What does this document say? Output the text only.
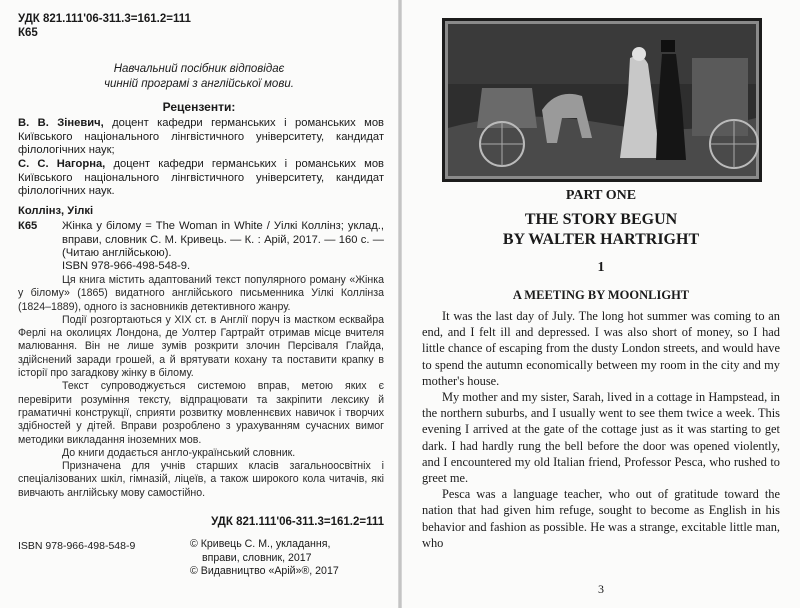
УДК 821.111'06-311.3=161.2=111
К65
Навчальний посібник відповідає
чинній програмі з англійської мови.
Рецензенти:
В. В. Зіневич, доцент кафедри германських і романських мов Київського національного лінгвістичного університету, кандидат філологічних наук;
С. С. Нагорна, доцент кафедри германських і романських мов Київського національного лінгвістичного університету, кандидат філологічних наук.
Коллінз, Уілкі
К65 Жінка у білому = The Woman in White / Уілкі Коллінз; уклад., вправи, словник С. М. Кривець. — К. : Арій, 2017. — 160 с. — (Читаю англійською).
ISBN 978-966-498-548-9.

Ця книга містить адаптований текст популярного роману «Жінка у білому» (1865) видатного англійського письменника Уілкі Коллінза (1824–1889), одного із засновників детективного жанру.

Події розгортаються у XIX ст. в Англії поруч із мастком есквайра Ферлі на околицях Лондона, де Уолтер Гартрайт отримав місце вчителя малювання. Він не лише зумів розкрити злочин Персіваля Глайда, здійснений заради грошей, а й врятувати кохану та поставити крапку в історії про загадкову жінку в білому.

Текст супроводжується системою вправ, метою яких є перевірити розуміння тексту, відпрацювати та закріпити лексику й граматичні конструкції, сприяти розвитку мовленнєвих навичок і творчих здібностей у дітей. Вправи розроблено з урахуванням сучасних вимог методики викладання іноземних мов.

До книги додається англо-український словник.

Призначена для учнів старших класів загальноосвітніх і спеціалізованих шкіл, гімназій, ліцеїв, а також широкого кола читачів, які вивчають англійську мову самостійно.

УДК 821.111'06-311.3=161.2=111
ISBN 978-966-498-548-9	© Кривець С. М., укладання,
вправи, словник, 2017
© Видавництво «Арій»®, 2017
PART ONE
THE STORY BEGUN
BY WALTER HARTRIGHT
1
A MEETING BY MOONLIGHT

It was the last day of July. The long hot summer was coming to an end, and I felt ill and depressed. I was also short of money, so I had little chance of escaping from the dusty London streets, and would have to spend the autumn economically between my room in the city and my mother's house.

My mother and my sister, Sarah, lived in a cottage in Hampstead, in the northern suburbs, and I usually went to see them twice a week. This evening I arrived at the gate of the cottage just as it was starting to get dark. I had hardly rung the bell before the door was opened violently, and I encountered my old Italian friend, Professor Pesca, who rushed to greet me.

Pesca was a language teacher, who out of gratitude toward the nation that had given him refuge, sought to become as English in his behavior and fashion as possible. He was a strange, excitable little man, who

3
